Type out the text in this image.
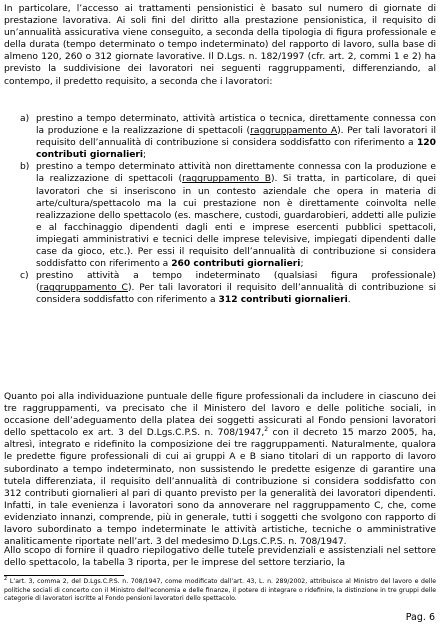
In particolare, l’accesso ai trattamenti pensionistici è basato sul numero di giornate di prestazione lavorativa. Ai soli fini del diritto alla prestazione pensionistica, il requisito di un’annualità assicurativa viene conseguito, a seconda della tipologia di figura professionale e della durata (tempo determinato o tempo indeterminato) del rapporto di lavoro, sulla base di almeno 120, 260 o 312 giornate lavorative. Il D.Lgs. n. 182/1997 (cfr. art. 2, commi 1 e 2) ha previsto la suddivisione dei lavoratori nei seguenti raggruppamenti, differenziando, al contempo, il predetto requisito, a seconda che i lavoratori:

a) prestino a tempo determinato, attività artistica o tecnica, direttamente connessa con la produzione e la realizzazione di spettacoli (raggruppamento A). Per tali lavoratori il requisito dell’annualità di contribuzione si considera soddisfatto con riferimento a 120 contributi giornalieri;
b) prestino a tempo determinato attività non direttamente connessa con la produzione e la realizzazione di spettacoli (raggruppamento B). Si tratta, in particolare, di quei lavoratori che si inseriscono in un contesto aziendale che opera in materia di arte/cultura/spettacolo ma la cui prestazione non è direttamente coinvolta nelle realizzazione dello spettacolo (es. maschere, custodi, guardarobieri, addetti alle pulizie e al facchinaggio dipendenti dagli enti e imprese esercenti pubblici spettacoli, impiegati amministrativi e tecnici delle imprese televisive, impiegati dipendenti dalle case da gioco, etc.). Per essi il requisito dell’annualità di contribuzione si considera soddisfatto con riferimento a 260 contributi giornalieri;
c) prestino attività a tempo indeterminato (qualsiasi figura professionale) (raggruppamento C). Per tali lavoratori il requisito dell’annualità di contribuzione si considera soddisfatto con riferimento a 312 contributi giornalieri.

Quanto poi alla individuazione puntuale delle figure professionali da includere in ciascuno dei tre raggruppamenti, va precisato che il Ministero del lavoro e delle politiche sociali, in occasione dell’adeguamento della platea dei soggetti assicurati al Fondo pensioni lavoratori dello spettacolo ex art. 3 del D.Lgs.C.P.S. n. 708/1947,$^2$ con il decreto 15 marzo 2005, ha, altresì, integrato e ridefinito la composizione dei tre raggruppamenti. Naturalmente, qualora le predette figure professionali di cui ai gruppi A e B siano titolari di un rapporto di lavoro subordinato a tempo indeterminato, non sussistendo le predette esigenze di garantire una tutela differenziata, il requisito dell’annualità di contribuzione si considera soddisfatto con 312 contributi giornalieri al pari di quanto previsto per la generalità dei lavoratori dipendenti. Infatti, in tale evenienza i lavoratori sono da annoverare nel raggruppamento C, che, come evidenziato innanzi, comprende, più in generale, tutti i soggetti che svolgono con rapporto di lavoro subordinato a tempo indeterminate le attività artistiche, tecniche o amministrative analiticamente riportate nell’art. 3 del medesimo D.Lgs.C.P.S. n. 708/1947.

Allo scopo di fornire il quadro riepilogativo delle tutele previdenziali e assistenziali nel settore dello spettacolo, la tabella 3 riporta, per le imprese del settore terziario, la

$^2$ L’art. 3, comma 2, del D.Lgs.C.P.S. n. 708/1947, come modificato dall’art. 43, L. n. 289/2002, attribuisce al Ministro del lavoro e delle politiche sociali di concerto con il Ministro dell’economia e delle finanze, il potere di integrare o ridefinire, la distinzione in tre gruppi delle categorie di lavoratori iscritte al Fondo pensioni lavoratori dello spettacolo.

Pag. 6
